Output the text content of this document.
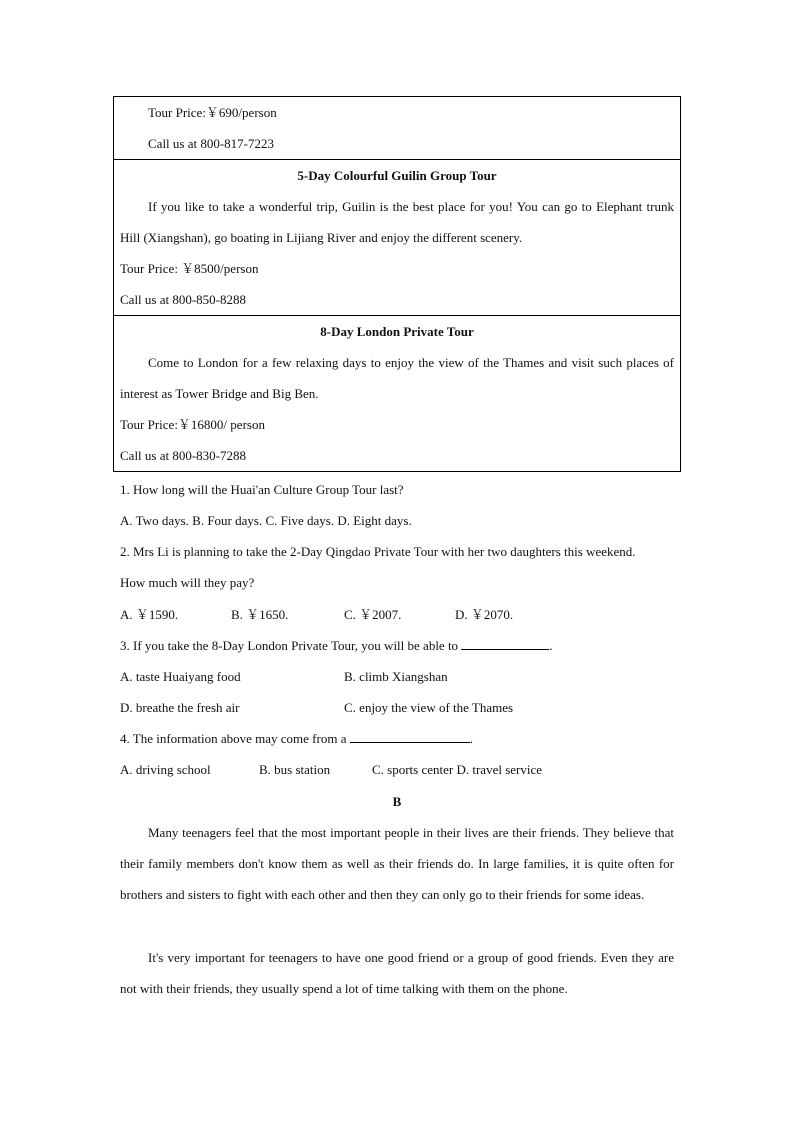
Tour Price:￥690/person
Call us at 800-817-7223

5-Day Colourful Guilin Group Tour
If you like to take a wonderful trip, Guilin is the best place for you! You can go to Elephant trunk Hill (Xiangshan), go boating in Lijiang River and enjoy the different scenery.
Tour Price: ￥8500/person
Call us at 800-850-8288

8-Day London Private Tour
Come to London for a few relaxing days to enjoy the view of the Thames and visit such places of interest as Tower Bridge and Big Ben.
Tour Price:￥16800/ person
Call us at 800-830-7288
1. How long will the Huai'an Culture Group Tour last?
A. Two days. B. Four days. C. Five days. D. Eight days.
2. Mrs Li is planning to take the 2-Day Qingdao Private Tour with her two daughters this weekend.
How much will they pay?
A. ￥1590.	B. ￥1650.	C. ￥2007.	D. ￥2070.
3. If you take the 8-Day London Private Tour, you will be able to	.
A. taste Huaiyang food	B. climb Xiangshan
D. breathe the fresh air	C. enjoy the view of the Thames
4. The information above may come from a	.
A. driving school	B. bus station	C. sports center D. travel service
B
Many teenagers feel that the most important people in their lives are their friends. They believe that their family members don't know them as well as their friends do. In large families, it is quite often for brothers and sisters to fight with each other and then they can only go to their friends for some ideas.
It's very important for teenagers to have one good friend or a group of good friends. Even they are not with their friends, they usually spend a lot of time talking with them on the phone.
